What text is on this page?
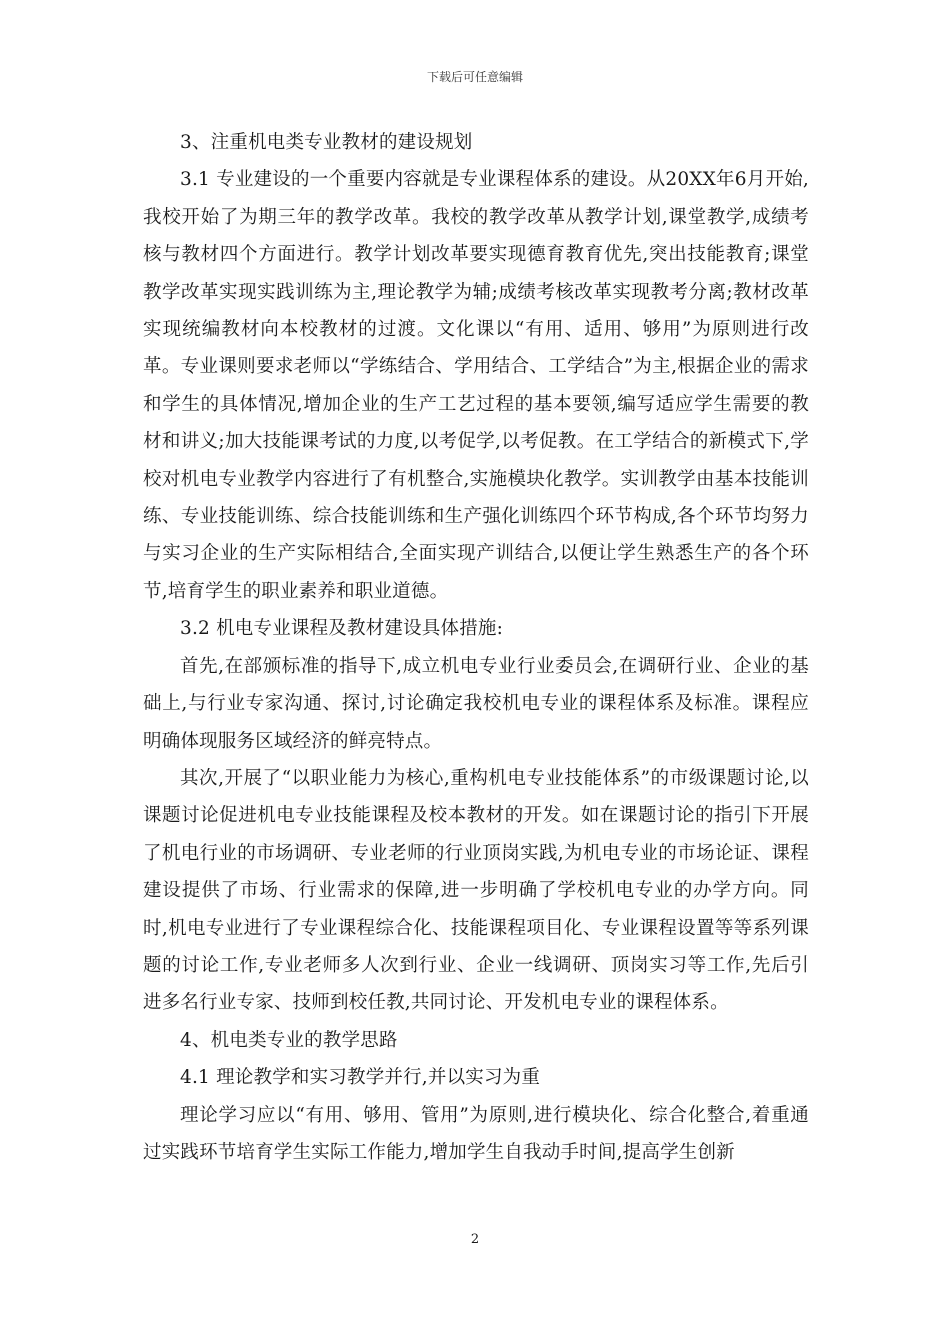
下载后可任意编辑

3、注重机电类专业教材的建设规划

3.1 专业建设的一个重要内容就是专业课程体系的建设。从20XX年6月开始,我校开始了为期三年的教学改革。我校的教学改革从教学计划,课堂教学,成绩考核与教材四个方面进行。教学计划改革要实现德育教育优先,突出技能教育;课堂教学改革实现实践训练为主,理论教学为辅;成绩考核改革实现教考分离;教材改革实现统编教材向本校教材的过渡。文化课以“有用、适用、够用”为原则进行改革。专业课则要求老师以“学练结合、学用结合、工学结合”为主,根据企业的需求和学生的具体情况,增加企业的生产工艺过程的基本要领,编写适应学生需要的教材和讲义;加大技能课考试的力度,以考促学,以考促教。在工学结合的新模式下,学校对机电专业教学内容进行了有机整合,实施模块化教学。实训教学由基本技能训练、专业技能训练、综合技能训练和生产强化训练四个环节构成,各个环节均努力与实习企业的生产实际相结合,全面实现产训结合,以便让学生熟悉生产的各个环节,培育学生的职业素养和职业道德。

3.2 机电专业课程及教材建设具体措施:

首先,在部颁标准的指导下,成立机电专业行业委员会,在调研行业、企业的基础上,与行业专家沟通、探讨,讨论确定我校机电专业的课程体系及标准。课程应明确体现服务区域经济的鲜亮特点。

其次,开展了“以职业能力为核心,重构机电专业技能体系”的市级课题讨论,以课题讨论促进机电专业技能课程及校本教材的开发。如在课题讨论的指引下开展了机电行业的市场调研、专业老师的行业顶岗实践,为机电专业的市场论证、课程建设提供了市场、行业需求的保障,进一步明确了学校机电专业的办学方向。同时,机电专业进行了专业课程综合化、技能课程项目化、专业课程设置等等系列课题的讨论工作,专业老师多人次到行业、企业一线调研、顶岗实习等工作,先后引进多名行业专家、技师到校任教,共同讨论、开发机电专业的课程体系。

4、机电类专业的教学思路

4.1 理论教学和实习教学并行,并以实习为重

理论学习应以“有用、够用、管用”为原则,进行模块化、综合化整合,着重通过实践环节培育学生实际工作能力,增加学生自我动手时间,提高学生创新

2
